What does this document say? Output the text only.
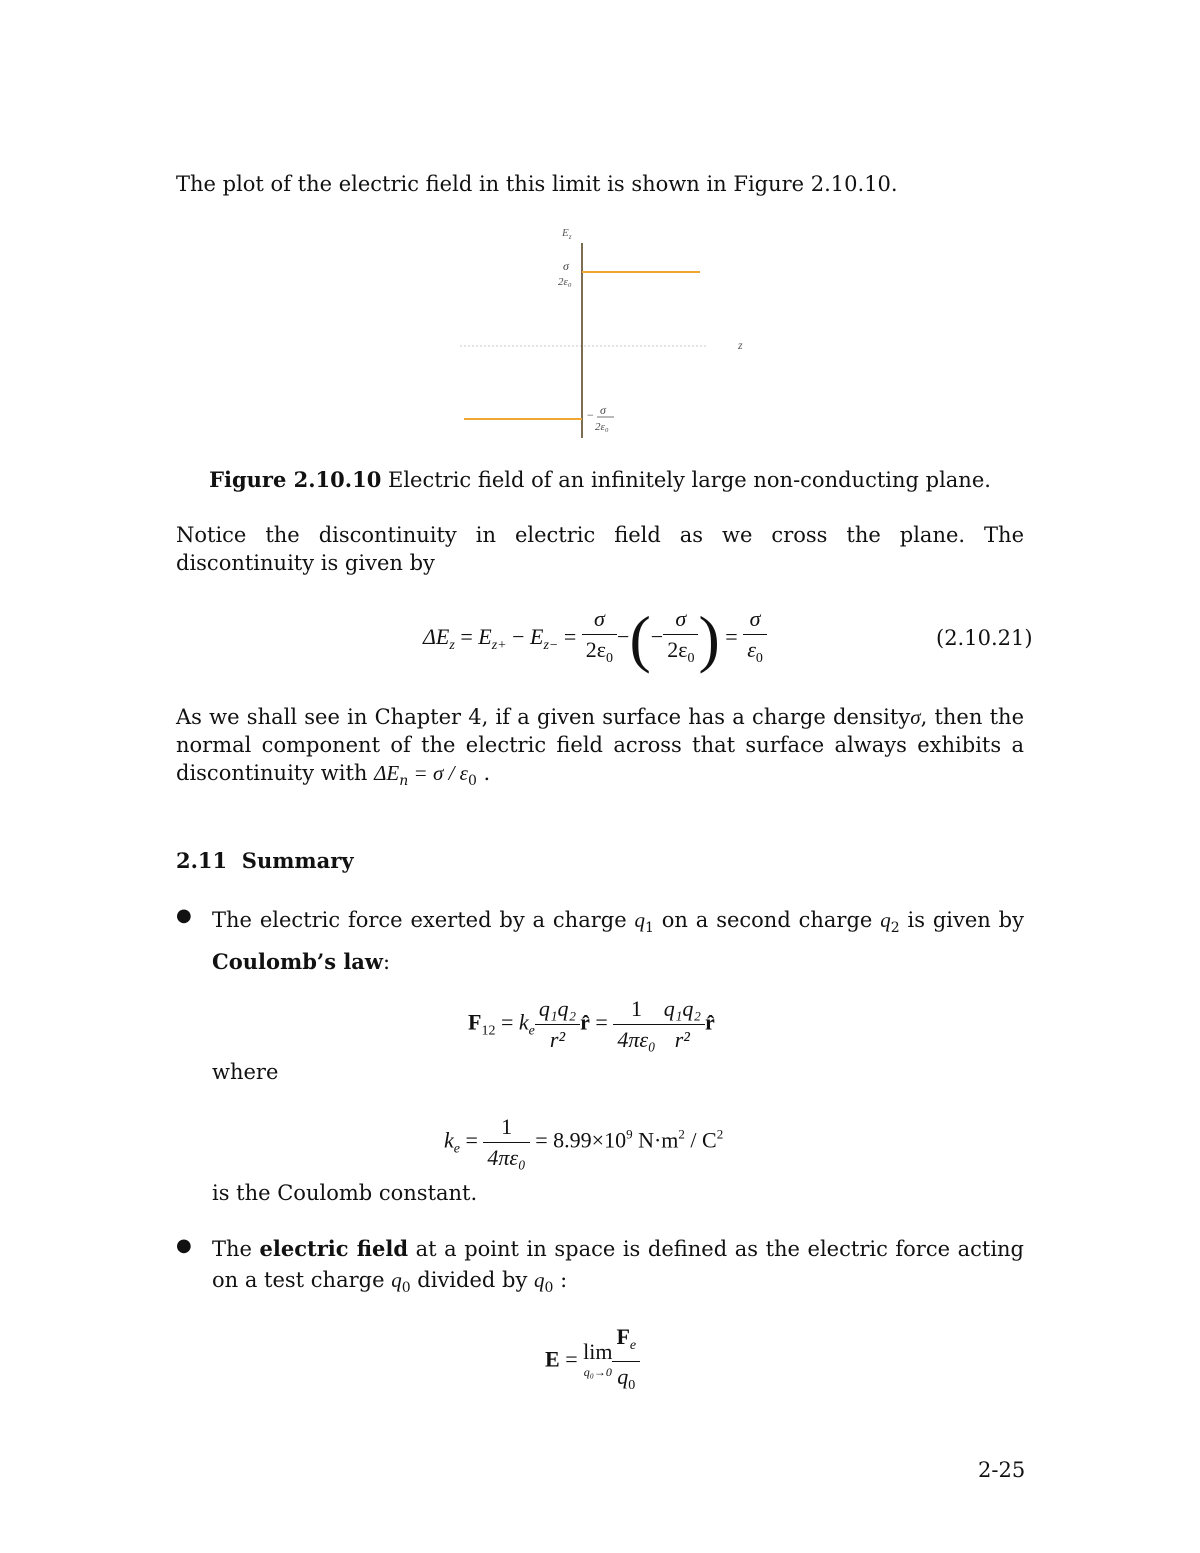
The plot of the electric field in this limit is shown in Figure 2.10.10.
$E_z$
z
σ
2ε₀
− σ
2ε₀
Figure 2.10.10 Electric field of an infinitely large non-conducting plane.
Notice the discontinuity in electric field as we cross the plane. The discontinuity is given by
$\Delta E_z = E_{z+} - E_{z-} = \frac{\sigma}{2\varepsilon_0}$ −(− $\frac{\sigma}{2\varepsilon_0}$ ) = $\frac{\sigma}{\varepsilon_0}$	(2.10.21)
As we shall see in Chapter 4, if a given surface has a charge densityσ, then the normal component of the electric field across that surface always exhibits a discontinuity with $\Delta E_n = \sigma / \varepsilon_0$ .
2.11 Summary
● The electric force exerted by a charge $q_1$ on a second charge $q_2$ is given by Coulomb’s law:
$F_{12} = k_e \frac{\text{q₁q₂}}{\text{r²}}$ r̂ = $\frac{1}{\text{4πε₀}} \frac{\text{q₁q₂}}{\text{r²}}$ r̂
where
$k_e = \frac{1}{\text{4πε₀}} = 8.99\times 10^9$ $N\cdot m^2 / C^2$
is the Coulomb constant.
● The electric field at a point in space is defined as the electric force acting on a test charge $q_0$ divided by $q_0$ :
E = lim
$q_0\to 0 \frac{F_e}{q_0}$
2-25
